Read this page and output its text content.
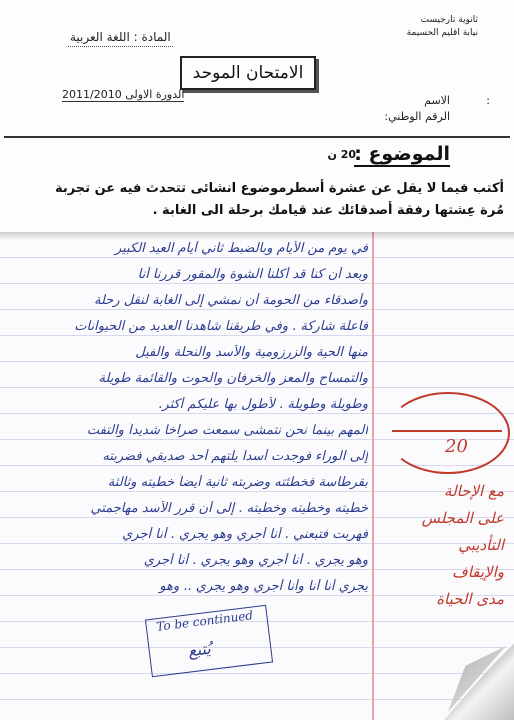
ثانوية تارجيست
نيابة اقليم الحسيمة
المادة : اللغة العربية
الامتحان الموحد
الدورة الاولى 2011/2010	الاسم	:
الرقم الوطني:
الموضوع :
20 ن
أكتب فيما لا يقل عن عشرة أسطرموضوع انشائى تتحدث فيه عن تجربة
مُرة عِشتها رفقة أصدقائك عند قيامك برحلة الى الغابة .
في يوم من الأيام وبالضبط ثاني أيام العيد الكبير
وبعد أن كنا قد أكلنا الشوة والمقور قررنا أنا
وأصدقاء من الحومة أن نمشي إلى الغابة لنقل رحلة
فاعلة شاركة . وفي طريقنا شاهدنا العديد من الحيوانات
منها الحية والزرزومية والأسد والنحلة والفيل
والتمساح والمعز والخرفان والحوت والقائمة طويلة
وطويلة وطويلة . لأطول بها عليكم أكثر.
المهم بينما نحن نتمشى سمعت صراخا شديداً والتفت
إلى الوراء فوجدت أسداً يلتهم أحد صديقي فضربته
بقرطاسة فخطئته وضربته ثانية أيضاً خطيته وثالثة
خطيته وخطيته وخطيته . إلى أن قرر الأسد مهاجمتي
فهربت فتبعني . أنا أجري وهو يجري . أنا أجري
وهو يجري . أنا أجري وهو يجري . أنا أجري
يجري أنا أنا وأنا أجري وهو يجري .. وهو
20
مع الإحالة
على المجلس
التأديبي
والإيقاف
مدى الحياة
To be continued
يُتبع
